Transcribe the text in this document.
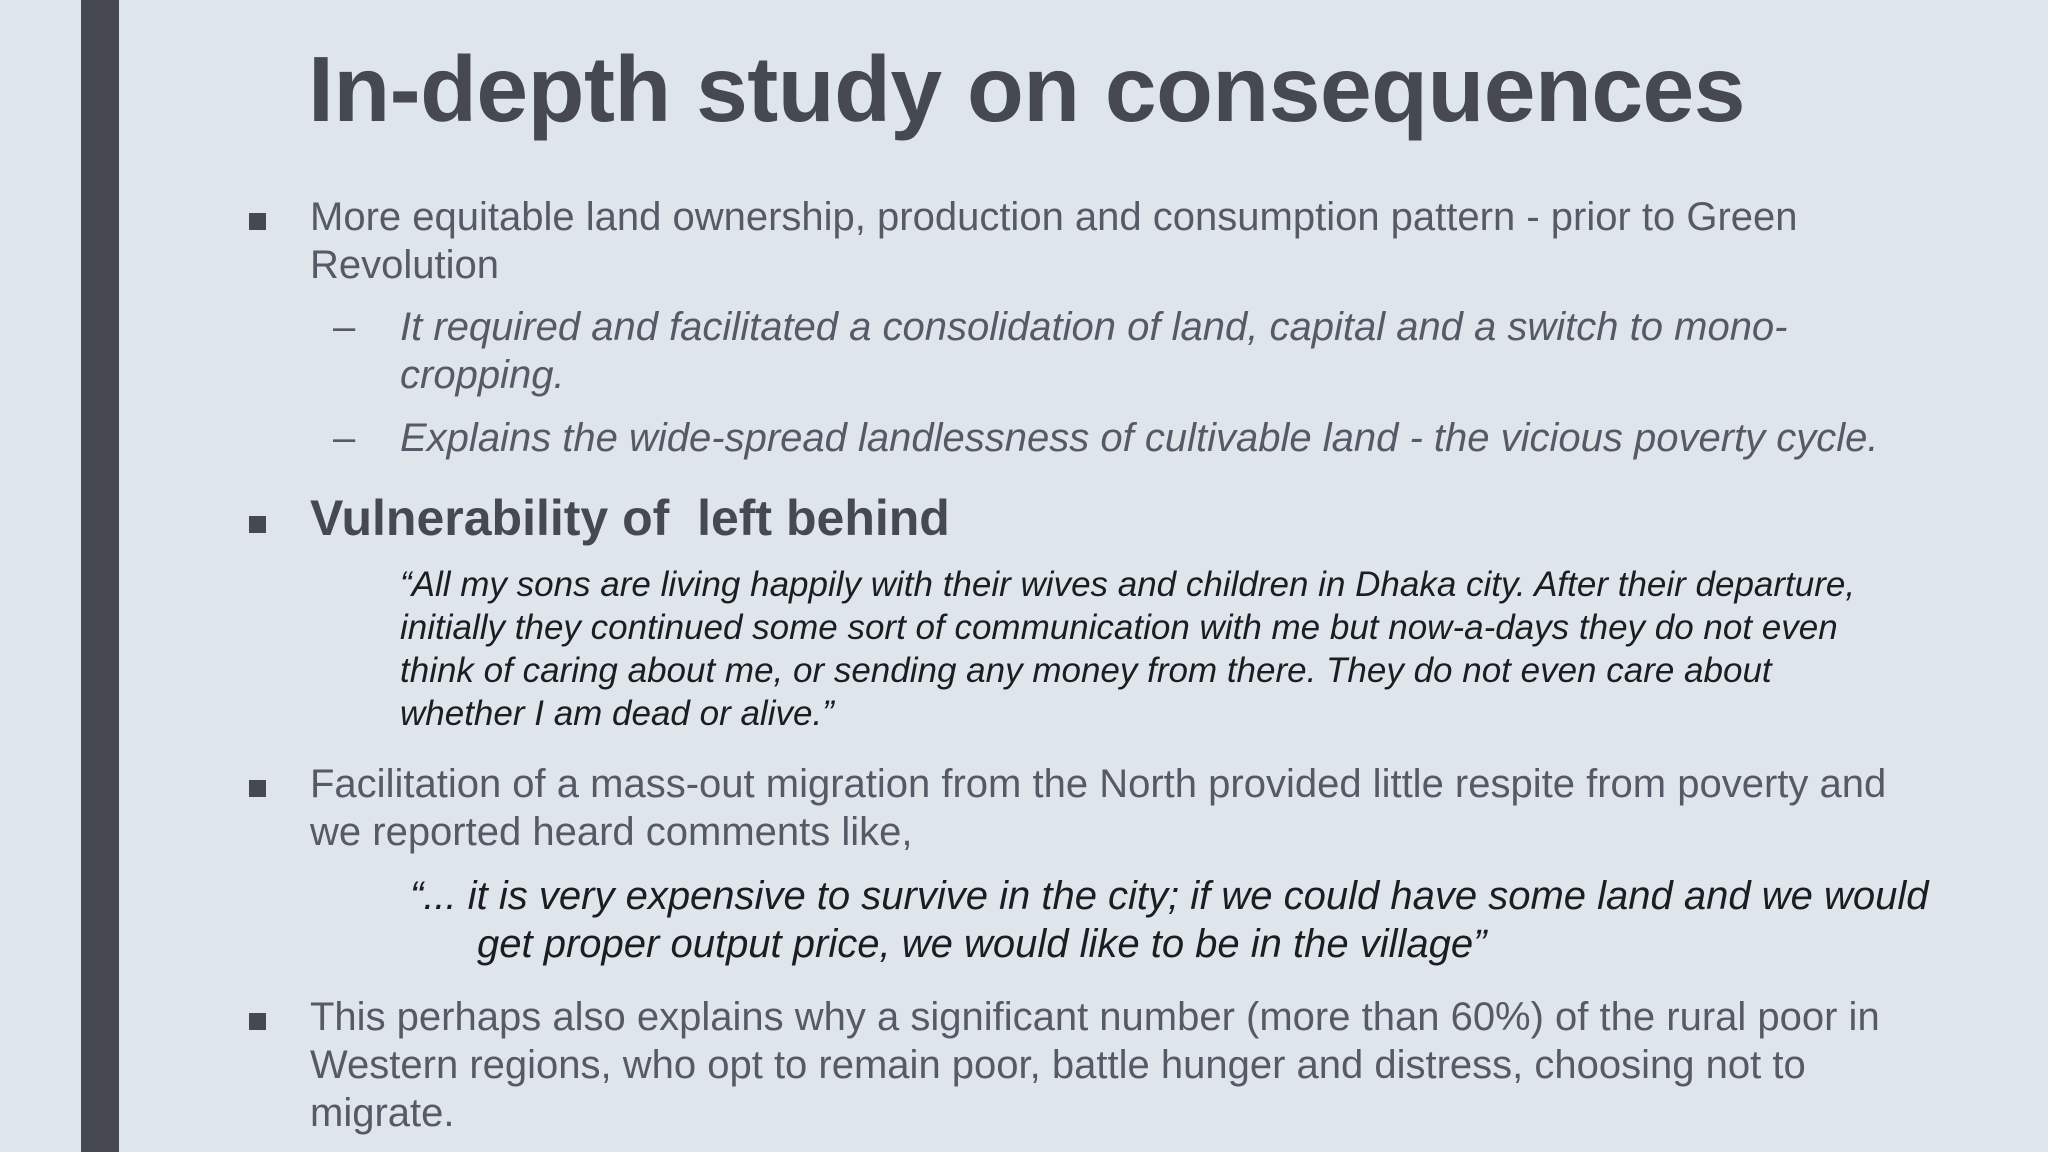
In-depth study on consequences
More equitable land ownership, production and consumption pattern - prior to Green
Revolution
– It required and facilitated a consolidation of land, capital and a switch to mono-
cropping.
– Explains the wide-spread landlessness of cultivable land - the vicious poverty cycle.
Vulnerability of  left behind
“All my sons are living happily with their wives and children in Dhaka city. After their departure,
initially they continued some sort of communication with me but now-a-days they do not even
think of caring about me, or sending any money from there. They do not even care about
whether I am dead or alive.”
Facilitation of a mass-out migration from the North provided little respite from poverty and
we reported heard comments like,
“... it is very expensive to survive in the city; if we could have some land and we would
get proper output price, we would like to be in the village”
This perhaps also explains why a significant number (more than 60%) of the rural poor in
Western regions, who opt to remain poor, battle hunger and distress, choosing not to
migrate.
